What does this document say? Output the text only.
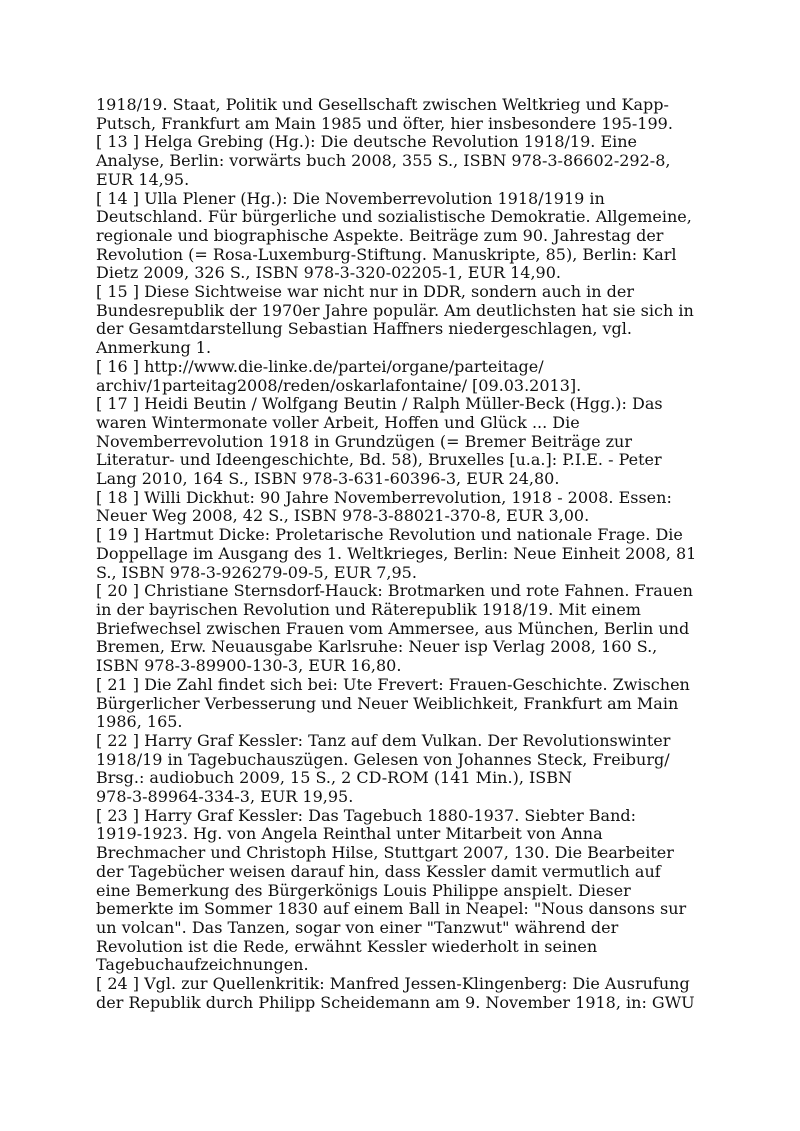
1918/19. Staat, Politik und Gesellschaft zwischen Weltkrieg und Kapp-
Putsch, Frankfurt am Main 1985 und öfter, hier insbesondere 195-199.

[ 13 ] Helga Grebing (Hg.): Die deutsche Revolution 1918/19. Eine
Analyse, Berlin: vorwärts buch 2008, 355 S., ISBN 978-3-86602-292-8,
EUR 14,95.

[ 14 ] Ulla Plener (Hg.): Die Novemberrevolution 1918/1919 in
Deutschland. Für bürgerliche und sozialistische Demokratie. Allgemeine,
regionale und biographische Aspekte. Beiträge zum 90. Jahrestag der
Revolution (= Rosa-Luxemburg-Stiftung. Manuskripte, 85), Berlin: Karl
Dietz 2009, 326 S., ISBN 978-3-320-02205-1, EUR 14,90.

[ 15 ] Diese Sichtweise war nicht nur in DDR, sondern auch in der
Bundesrepublik der 1970er Jahre populär. Am deutlichsten hat sie sich in
der Gesamtdarstellung Sebastian Haffners niedergeschlagen, vgl.
Anmerkung 1.

[ 16 ] http://www.die-linke.de/partei/organe/parteitage/
archiv/1parteitag2008/reden/oskarlafontaine/ [09.03.2013].

[ 17 ] Heidi Beutin / Wolfgang Beutin / Ralph Müller-Beck (Hgg.): Das
waren Wintermonate voller Arbeit, Hoffen und Glück ... Die
Novemberrevolution 1918 in Grundzügen (= Bremer Beiträge zur
Literatur- und Ideengeschichte, Bd. 58), Bruxelles [u.a.]: P.I.E. - Peter
Lang 2010, 164 S., ISBN 978-3-631-60396-3, EUR 24,80.

[ 18 ] Willi Dickhut: 90 Jahre Novemberrevolution, 1918 - 2008. Essen:
Neuer Weg 2008, 42 S., ISBN 978-3-88021-370-8, EUR 3,00.

[ 19 ] Hartmut Dicke: Proletarische Revolution und nationale Frage. Die
Doppellage im Ausgang des 1. Weltkrieges, Berlin: Neue Einheit 2008, 81
S., ISBN 978-3-926279-09-5, EUR 7,95.

[ 20 ] Christiane Sternsdorf-Hauck: Brotmarken und rote Fahnen. Frauen
in der bayrischen Revolution und Räterepublik 1918/19. Mit einem
Briefwechsel zwischen Frauen vom Ammersee, aus München, Berlin und
Bremen, Erw. Neuausgabe Karlsruhe: Neuer isp Verlag 2008, 160 S.,
ISBN 978-3-89900-130-3, EUR 16,80.

[ 21 ] Die Zahl findet sich bei: Ute Frevert: Frauen-Geschichte. Zwischen
Bürgerlicher Verbesserung und Neuer Weiblichkeit, Frankfurt am Main
1986, 165.

[ 22 ] Harry Graf Kessler: Tanz auf dem Vulkan. Der Revolutionswinter
1918/19 in Tagebuchauszügen. Gelesen von Johannes Steck, Freiburg/
Brsg.: audiobuch 2009, 15 S., 2 CD-ROM (141 Min.), ISBN
978-3-89964-334-3, EUR 19,95.

[ 23 ] Harry Graf Kessler: Das Tagebuch 1880-1937. Siebter Band:
1919-1923. Hg. von Angela Reinthal unter Mitarbeit von Anna
Brechmacher und Christoph Hilse, Stuttgart 2007, 130. Die Bearbeiter
der Tagebücher weisen darauf hin, dass Kessler damit vermutlich auf
eine Bemerkung des Bürgerkönigs Louis Philippe anspielt. Dieser
bemerkte im Sommer 1830 auf einem Ball in Neapel: "Nous dansons sur
un volcan". Das Tanzen, sogar von einer "Tanzwut" während der
Revolution ist die Rede, erwähnt Kessler wiederholt in seinen
Tagebuchaufzeichnungen.

[ 24 ] Vgl. zur Quellenkritik: Manfred Jessen-Klingenberg: Die Ausrufung
der Republik durch Philipp Scheidemann am 9. November 1918, in: GWU
